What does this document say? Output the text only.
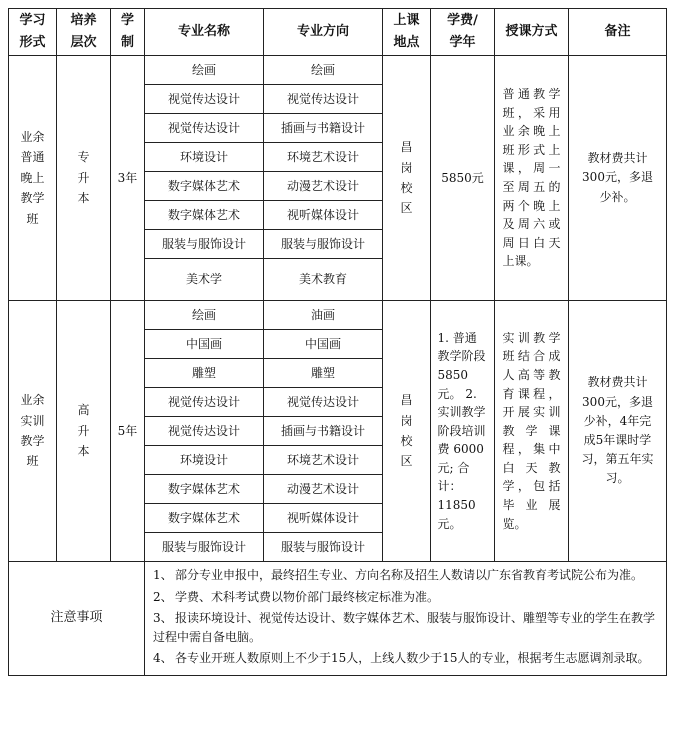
学习形式	培养层次	学制	专业名称	专业方向	上课地点	学费/学年	授课方式	备注

业余普通晚上教学班	专升本	3年	绘画	绘画	昌岗校区	5850元	普通教学班，采用业余晚上班形式上课，周一至周五的两个晚上及周六或周日白天上课。	教材费共计300元，多退少补。

			视觉传达设计	视觉传达设计				
			视觉传达设计	插画与书籍设计				
			环境设计	环境艺术设计				
			数字媒体艺术	动漫艺术设计				
			数字媒体艺术	视听媒体设计				
			服装与服饰设计	服装与服饰设计				
			美术学	美术教育				

业余实训教学班	高升本	5年	绘画	油画	昌岗校区	1. 普通教学阶段 5850元。 2. 实训教学阶段培训费 6000元; 合计：11850元。	实训教学班结合成人高等教育课程，开展实训教学课程，集中白天教学，包括毕业展览。	教材费共计300元，多退少补，4年完成5年课时学习，第五年实习。

			中国画	中国画				
			雕塑	雕塑				
			视觉传达设计	视觉传达设计				
			视觉传达设计	插画与书籍设计				
			环境设计	环境艺术设计				
			数字媒体艺术	动漫艺术设计				
			数字媒体艺术	视听媒体设计				
			服装与服饰设计	服装与服饰设计				
注意事项			1、 部分专业申报中，最终招生专业、方向名称及招生人数请以广东省教育考试院公布为准。
2、 学费、术科考试费以物价部门最终核定标准为准。
3、 报读环境设计、视觉传达设计、数字媒体艺术、服装与服饰设计、雕塑等专业的学生在教学过程中需自备电脑。
4、 各专业开班人数原则上不少于15人，上线人数少于15人的专业，根据考生志愿调剂录取。					
